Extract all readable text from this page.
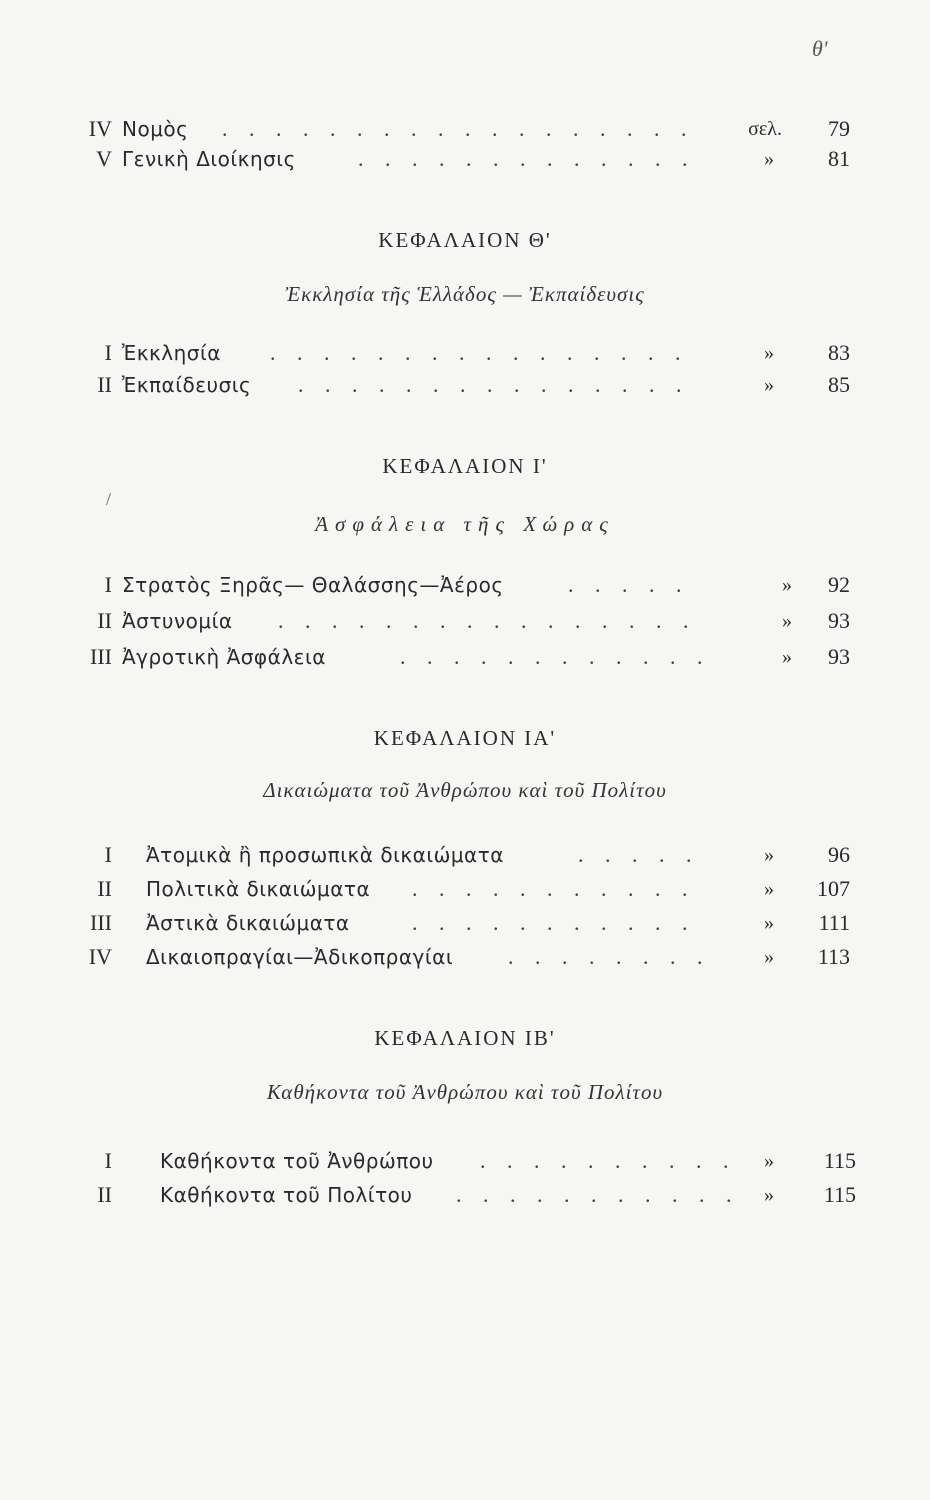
θ'
IV Νομὸς . . .	σελ.	79
V Γενικὴ Διοίκησις . . .	»	81
ΚΕΦΑΛΑΙΟΝ Θ'
Ἐκκλησία τῆς Ἑλλάδος — Ἐκπαίδευσις
I Ἐκκλησία . . .	»	83
II Ἐκπαίδευσις . . .	»	85
ΚΕΦΑΛΑΙΟΝ Ι'
/
Ἀσφάλεια τῆς Χώρας
I Στρατὸς Ξηρᾶς— Θαλάσσης—Ἀέρος . . .	»	92
II Ἀστυνομία . . .	»	93
III Ἀγροτικὴ Ἀσφάλεια . . .	»	93
ΚΕΦΑΛΑΙΟΝ ΙΑ'
Δικαιώματα τοῦ Ἀνθρώπου καὶ τοῦ Πολίτου
I Ἀτομικὰ ἢ προσωπικὰ δικαιώματα . . .	»	96
II Πολιτικὰ δικαιώματα . . .	»	107
III Ἀστικὰ δικαιώματα . . .	»	111
IV Δικαιοπραγίαι—Ἀδικοπραγίαι . . .	»	113
ΚΕΦΑΛΑΙΟΝ ΙΒ'
Καθήκοντα τοῦ Ἀνθρώπου καὶ τοῦ Πολίτου
I Καθήκοντα τοῦ Ἀνθρώπου . . .	»	115
II Καθήκοντα τοῦ Πολίτου . . .	»	115
